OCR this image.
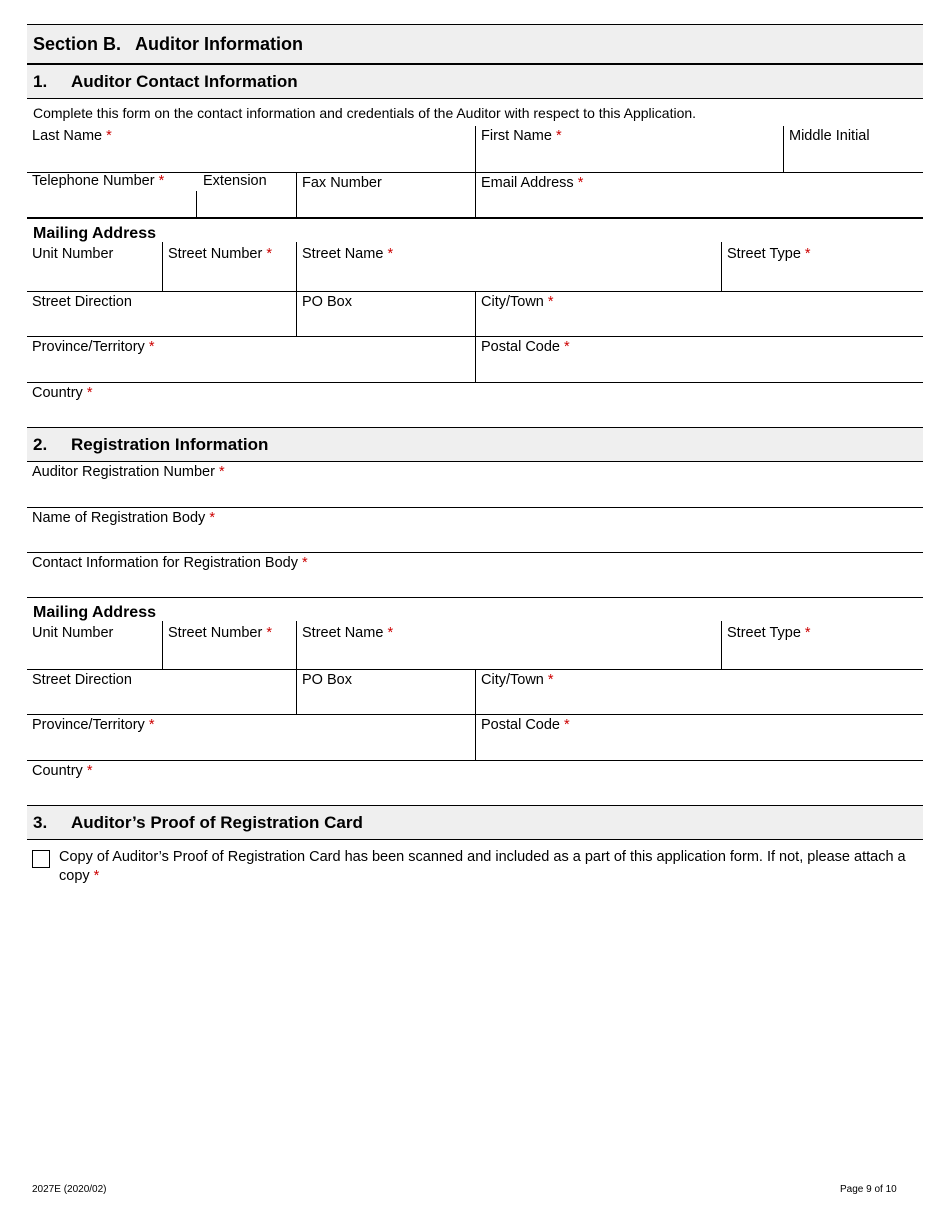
Section B. Auditor Information
1.	Auditor Contact Information
Complete this form on the contact information and credentials of the Auditor with respect to this Application.
Last Name *	First Name *	Middle Initial
Telephone Number *	Extension	Fax Number	Email Address *
Mailing Address
Unit Number	Street Number *	Street Name *	Street Type *
Street Direction	PO Box	City/Town *
Province/Territory *	Postal Code *
Country *
2.	Registration Information
Auditor Registration Number *
Name of Registration Body *
Contact Information for Registration Body *
Mailing Address
Unit Number	Street Number *	Street Name *	Street Type *
Street Direction	PO Box	City/Town *
Province/Territory *	Postal Code *
Country *
3.	Auditor’s Proof of Registration Card
Copy of Auditor’s Proof of Registration Card has been scanned and included as a part of this application form. If not, please attach a copy *
2027E (2020/02)	Page 9 of 10
